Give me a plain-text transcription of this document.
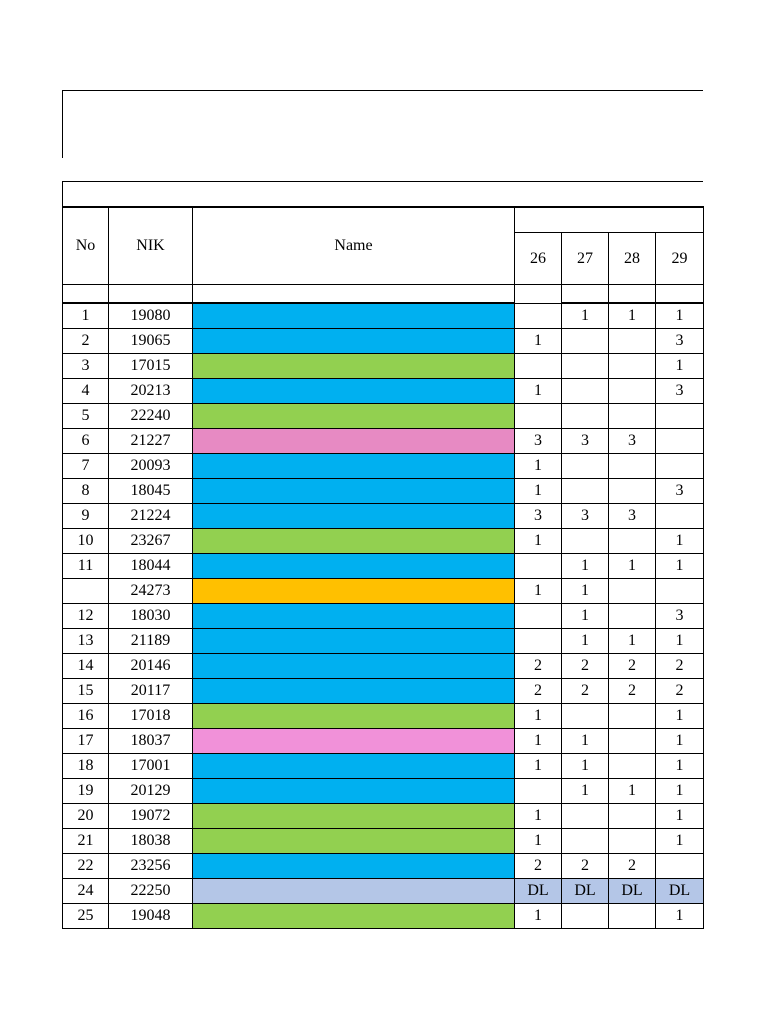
No	NIK	Name				
			26	27	28	29

1	19080			1	1	1
2	19065		1			3
3	17015					1
4	20213		1			3
5	22240					
6	21227		3	3	3	
7	20093		1			
8	18045		1			3
9	21224		3	3	3	
10	23267		1			1
11	18044			1	1	1
	24273		1	1		
12	18030			1		3
13	21189			1	1	1
14	20146		2	2	2	2
15	20117		2	2	2	2
16	17018		1			1
17	18037		1	1		1
18	17001		1	1		1
19	20129			1	1	1
20	19072		1			1
21	18038		1			1
22	23256		2	2	2	
24	22250		DL	DL	DL	DL
25	19048		1			1
